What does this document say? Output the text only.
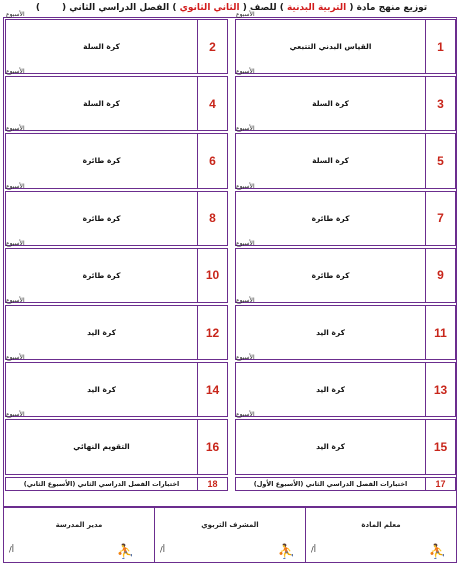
توزيع منهج مادة ( التربية البدنية ) للصف ( الثاني الثانوي ) الفصل الدراسي الثاني ()
الأسبوع
1
القياس البدني التتبعي
الأسبوع
2
كرة السلة
الأسبوع
3
كرة السلة
الأسبوع
4
كرة السلة
الأسبوع
5
كرة السلة
الأسبوع
6
كرة طائرة
الأسبوع
7
كرة طائرة
الأسبوع
8
كرة طائرة
الأسبوع
9
كرة طائرة
الأسبوع
10
كرة طائرة
الأسبوع
11
كرة اليد
الأسبوع
12
كرة اليد
الأسبوع
13
كرة اليد
الأسبوع
14
كرة اليد
الأسبوع
15
كرة اليد
الأسبوع
16
التقويم النهائي
17
اختبارات الفصل الدراسي الثاني (الأسبوع الأول)
18
اختبارات الفصل الدراسي الثاني (الأسبوع الثاني)
معلم المادة
أ/	⛹
المشرف التربوي
أ/	⛹
مدير المدرسة
أ/	⛹
